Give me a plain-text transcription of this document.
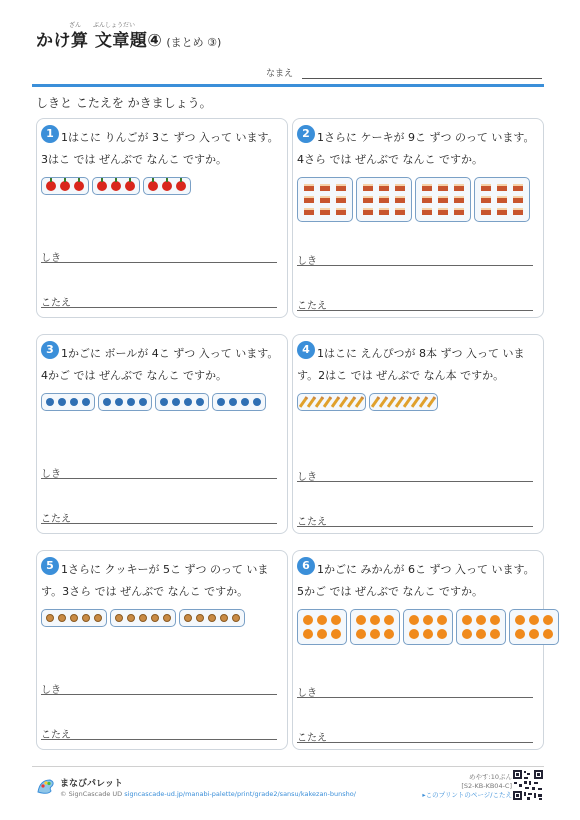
かけ算 文章題④ (まとめ ③)
ざん ぶんしょうだい
なまえ
しきと こたえを かきましょう。
1 1はこに りんごが 3こ ずつ 入って います。3はこ では ぜんぶで なんこ ですか。
しき
こたえ
2 1さらに ケーキが 9こ ずつ のって います。4さら では ぜんぶで なんこ ですか。
しき
こたえ
3 1かごに ボールが 4こ ずつ 入って います。4かご では ぜんぶで なんこ ですか。
しき
こたえ
4 1はこに えんぴつが 8本 ずつ 入って います。2はこ では ぜんぶで なん本 ですか。
しき
こたえ
5 1さらに クッキーが 5こ ずつ のって います。3さら では ぜんぶで なんこ ですか。
しき
こたえ
6 1かごに みかんが 6こ ずつ 入って います。5かご では ぜんぶで なんこ ですか。
しき
こたえ
まなびパレット
© SignCascade UD signcascade-ud.jp/manabi-palette/print/grade2/sansu/kakezan-bunsho/
めやす:10ぷん
[S2-KB-KB04-C]
▸このプリントのページ/こたえ
